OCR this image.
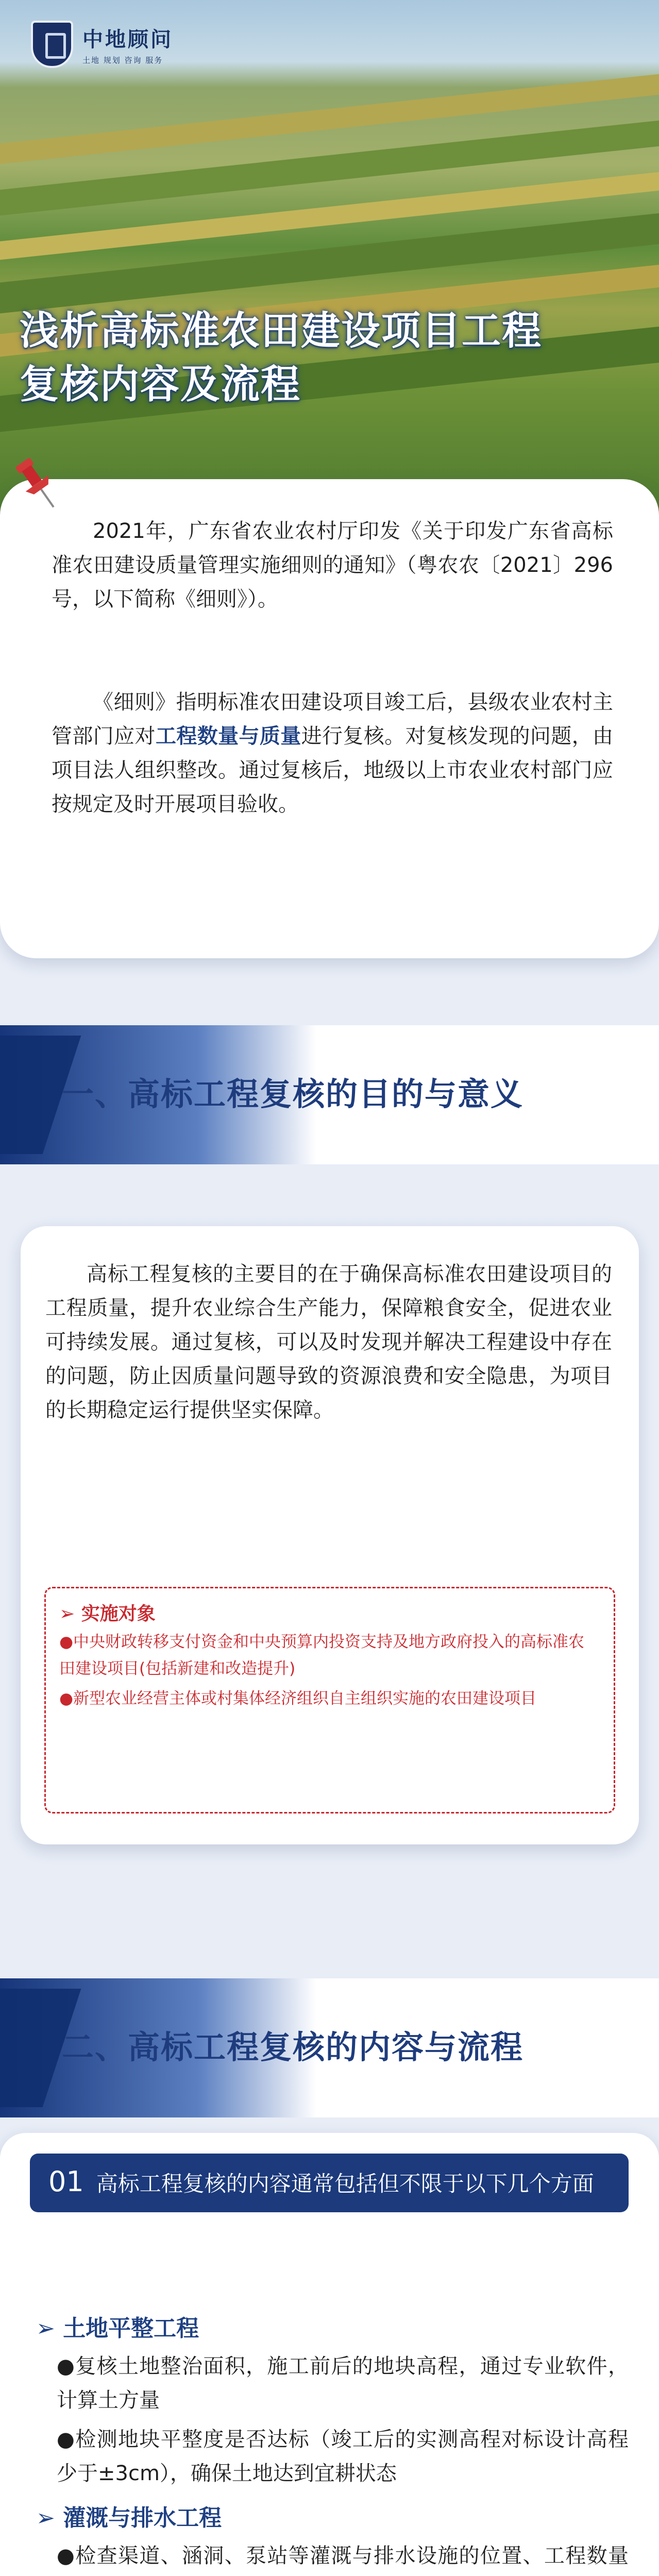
中地顾问
土地 规划 咨询 服务
浅析高标准农田建设项目工程
复核内容及流程
2021年，广东省农业农村厅印发《关于印发广东省高标准农田建设质量管理实施细则的通知》（粤农农〔2021〕296号，以下简称《细则》）。
《细则》指明标准农田建设项目竣工后，县级农业农村主管部门应对工程数量与质量进行复核。对复核发现的问题，由项目法人组织整改。通过复核后，地级以上市农业农村部门应按规定及时开展项目验收。
一、高标工程复核的目的与意义
高标工程复核的主要目的在于确保高标准农田建设项目的工程质量，提升农业综合生产能力，保障粮食安全，促进农业可持续发展。通过复核，可以及时发现并解决工程建设中存在的问题，防止因质量问题导致的资源浪费和安全隐患，为项目的长期稳定运行提供坚实保障。
➢ 实施对象
●中央财政转移支付资金和中央预算内投资支持及地方政府投入的高标准农田建设项目(包括新建和改造提升)
●新型农业经营主体或村集体经济组织自主组织实施的农田建设项目
二、高标工程复核的内容与流程
01 高标工程复核的内容通常包括但不限于以下几个方面
➢ 土地平整工程
●复核土地整治面积，施工前后的地块高程，通过专业软件，计算土方量
●检测地块平整度是否达标（竣工后的实测高程对标设计高程少于±3cm），确保土地达到宜耕状态
➢ 灌溉与排水工程
●检查渠道、涵洞、泵站等灌溉与排水设施的位置、工程数量
